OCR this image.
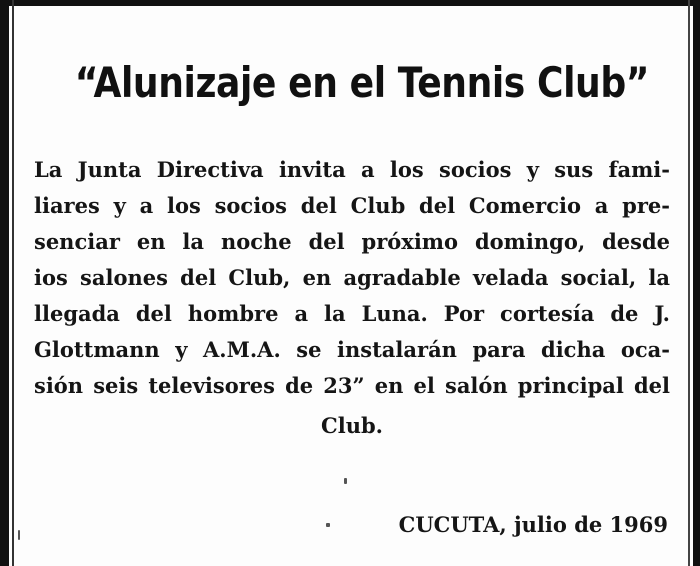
“Alunizaje en el Tennis Club”
La Junta Directiva invita a los socios y sus fami-
liares y a los socios del Club del Comercio a pre-
senciar en la noche del próximo domingo, desde
ios salones del Club, en agradable velada social, la
llegada del hombre a la Luna. Por cortesía de J.
Glottmann y A.M.A. se instalarán para dicha oca-
sión seis televisores de 23” en el salón principal del
Club.
CUCUTA, julio de 1969
